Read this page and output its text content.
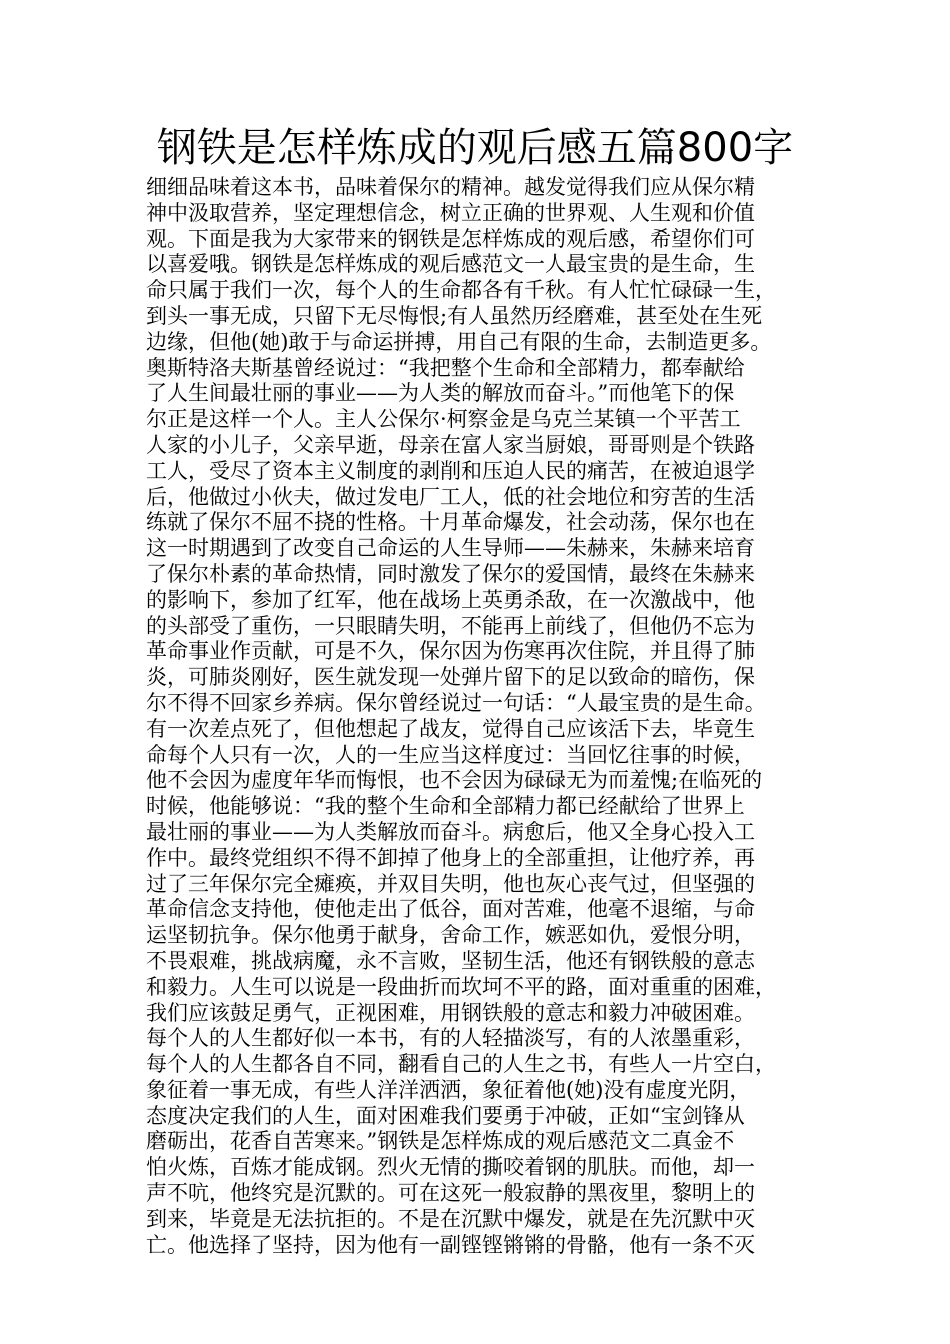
钢铁是怎样炼成的观后感五篇800字
细细品味着这本书，品味着保尔的精神。越发觉得我们应从保尔精
神中汲取营养，坚定理想信念，树立正确的世界观、人生观和价值
观。下面是我为大家带来的钢铁是怎样炼成的观后感，希望你们可
以喜爱哦。钢铁是怎样炼成的观后感范文一人最宝贵的是生命，生
命只属于我们一次，每个人的生命都各有千秋。有人忙忙碌碌一生，
到头一事无成，只留下无尽悔恨;有人虽然历经磨难，甚至处在生死
边缘，但他(她)敢于与命运拼搏，用自己有限的生命，去制造更多。
奥斯特洛夫斯基曾经说过：“我把整个生命和全部精力，都奉献给
了人生间最壮丽的事业——为人类的解放而奋斗。”而他笔下的保
尔正是这样一个人。主人公保尔·柯察金是乌克兰某镇一个平苦工
人家的小儿子，父亲早逝，母亲在富人家当厨娘，哥哥则是个铁路
工人，受尽了资本主义制度的剥削和压迫人民的痛苦，在被迫退学
后，他做过小伙夫，做过发电厂工人，低的社会地位和穷苦的生活
练就了保尔不屈不挠的性格。十月革命爆发，社会动荡，保尔也在
这一时期遇到了改变自己命运的人生导师——朱赫来，朱赫来培育
了保尔朴素的革命热情，同时激发了保尔的爱国情，最终在朱赫来
的影响下，参加了红军，他在战场上英勇杀敌，在一次激战中，他
的头部受了重伤，一只眼睛失明，不能再上前线了，但他仍不忘为
革命事业作贡献，可是不久，保尔因为伤寒再次住院，并且得了肺
炎，可肺炎刚好，医生就发现一处弹片留下的足以致命的暗伤，保
尔不得不回家乡养病。保尔曾经说过一句话：“人最宝贵的是生命。
有一次差点死了，但他想起了战友，觉得自己应该活下去，毕竟生
命每个人只有一次，人的一生应当这样度过：当回忆往事的时候，
他不会因为虚度年华而悔恨，也不会因为碌碌无为而羞愧;在临死的
时候，他能够说：“我的整个生命和全部精力都已经献给了世界上
最壮丽的事业——为人类解放而奋斗。病愈后，他又全身心投入工
作中。最终党组织不得不卸掉了他身上的全部重担，让他疗养，再
过了三年保尔完全瘫痪，并双目失明，他也灰心丧气过，但坚强的
革命信念支持他，使他走出了低谷，面对苦难，他毫不退缩，与命
运坚韧抗争。保尔他勇于献身，舍命工作，嫉恶如仇，爱恨分明，
不畏艰难，挑战病魔，永不言败，坚韧生活，他还有钢铁般的意志
和毅力。人生可以说是一段曲折而坎坷不平的路，面对重重的困难，
我们应该鼓足勇气，正视困难，用钢铁般的意志和毅力冲破困难。
每个人的人生都好似一本书，有的人轻描淡写，有的人浓墨重彩，
每个人的人生都各自不同，翻看自己的人生之书，有些人一片空白，
象征着一事无成，有些人洋洋洒洒，象征着他(她)没有虚度光阴，
态度决定我们的人生，面对困难我们要勇于冲破，正如“宝剑锋从
磨砺出，花香自苦寒来。”钢铁是怎样炼成的观后感范文二真金不
怕火炼，百炼才能成钢。烈火无情的撕咬着钢的肌肤。而他，却一
声不吭，他终究是沉默的。可在这死一般寂静的黑夜里，黎明上的
到来，毕竟是无法抗拒的。不是在沉默中爆发，就是在先沉默中灭
亡。他选择了坚持，因为他有一副铿铿锵锵的骨骼，他有一条不灭
